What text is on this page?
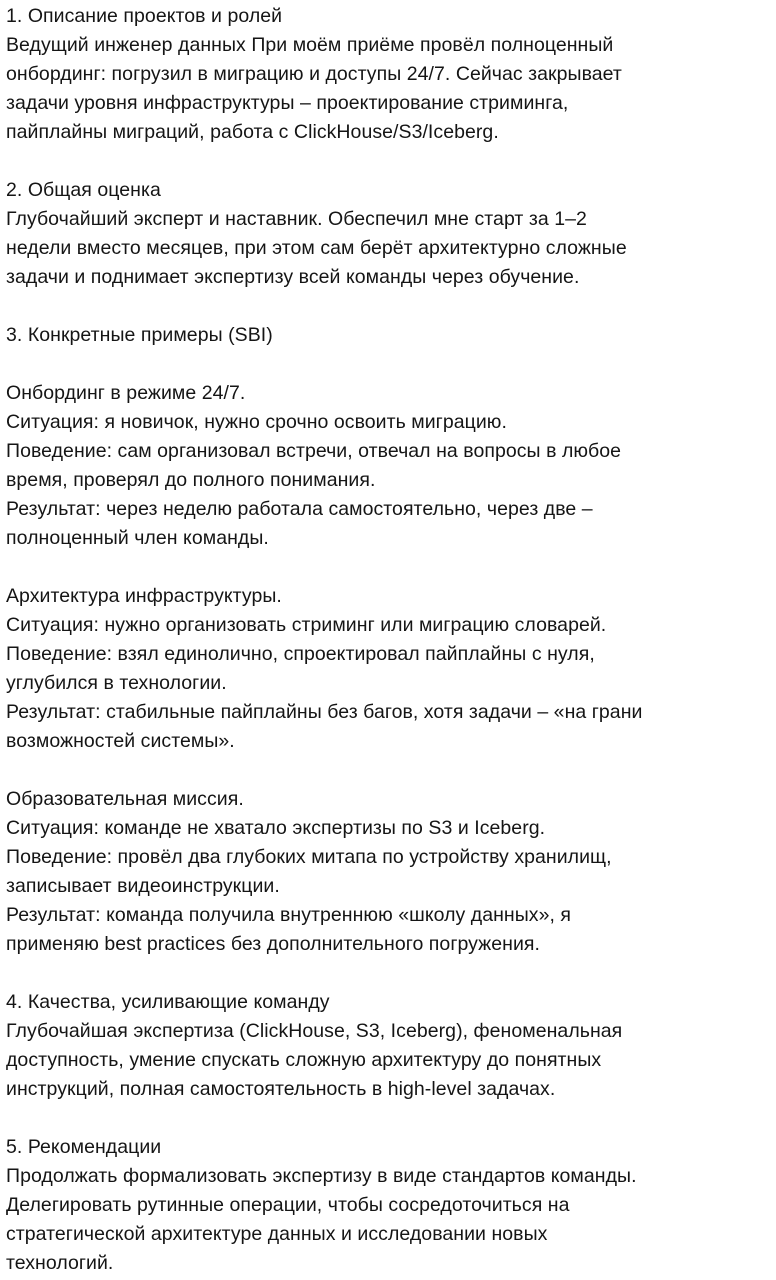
1. Описание проектов и ролей
Ведущий инженер данных При моём приёме провёл полноценный
онбординг: погрузил в миграцию и доступы 24/7. Сейчас закрывает
задачи уровня инфраструктуры – проектирование стриминга,
пайплайны миграций, работа с ClickHouse/S3/Iceberg.
2. Общая оценка
Глубочайший эксперт и наставник. Обеспечил мне старт за 1–2
недели вместо месяцев, при этом сам берёт архитектурно сложные
задачи и поднимает экспертизу всей команды через обучение.
3. Конкретные примеры (SBI)
Онбординг в режиме 24/7.
Ситуация: я новичок, нужно срочно освоить миграцию.
Поведение: сам организовал встречи, отвечал на вопросы в любое
время, проверял до полного понимания.
Результат: через неделю работала самостоятельно, через две –
полноценный член команды.
Архитектура инфраструктуры.
Ситуация: нужно организовать стриминг или миграцию словарей.
Поведение: взял единолично, спроектировал пайплайны с нуля,
углубился в технологии.
Результат: стабильные пайплайны без багов, хотя задачи – «на грани
возможностей системы».
Образовательная миссия.
Ситуация: команде не хватало экспертизы по S3 и Iceberg.
Поведение: провёл два глубоких митапа по устройству хранилищ,
записывает видеоинструкции.
Результат: команда получила внутреннюю «школу данных», я
применяю best practices без дополнительного погружения.
4. Качества, усиливающие команду
Глубочайшая экспертиза (ClickHouse, S3, Iceberg), феноменальная
доступность, умение спускать сложную архитектуру до понятных
инструкций, полная самостоятельность в high-level задачах.
5. Рекомендации
Продолжать формализовать экспертизу в виде стандартов команды.
Делегировать рутинные операции, чтобы сосредоточиться на
стратегической архитектуре данных и исследовании новых
технологий.
